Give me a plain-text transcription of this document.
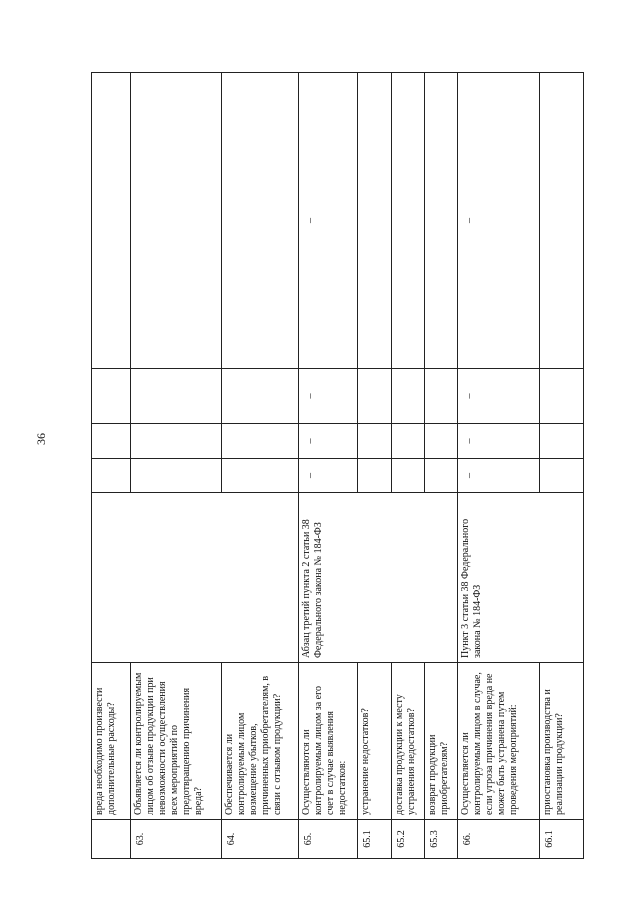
36
	вреда необходимо произвести дополнительные расходы?					
63.	Объявляется ли контролируемым лицом об отзыве продукции при невозможности осуществления всех мероприятий по предотвращению причинения вреда?					
64.	Обеспечивается ли контролируемым лицом возмещение убытков, причиненных приобретателям, в связи с отзывом продукции?					
65.	Осуществляются ли контролируемым лицом за его счет в случае выявления недостатков:	Абзац третий пункта 2 статьи 38 Федерального закона № 184-ФЗ	–	–	–	–
65.1	устранение недостатков?					
65.2	доставка продукции к месту устранения недостатков?					
65.3	возврат продукции приобретателям?					
66.	Осуществляется ли контролируемым лицом в случае, если угроза причинения вреда не может быть устранена путем проведения мероприятий:	Пункт 3 статьи 38 Федерального закона № 184-ФЗ	–	–	–	–
66.1	приостановка производства и реализации продукции?					
